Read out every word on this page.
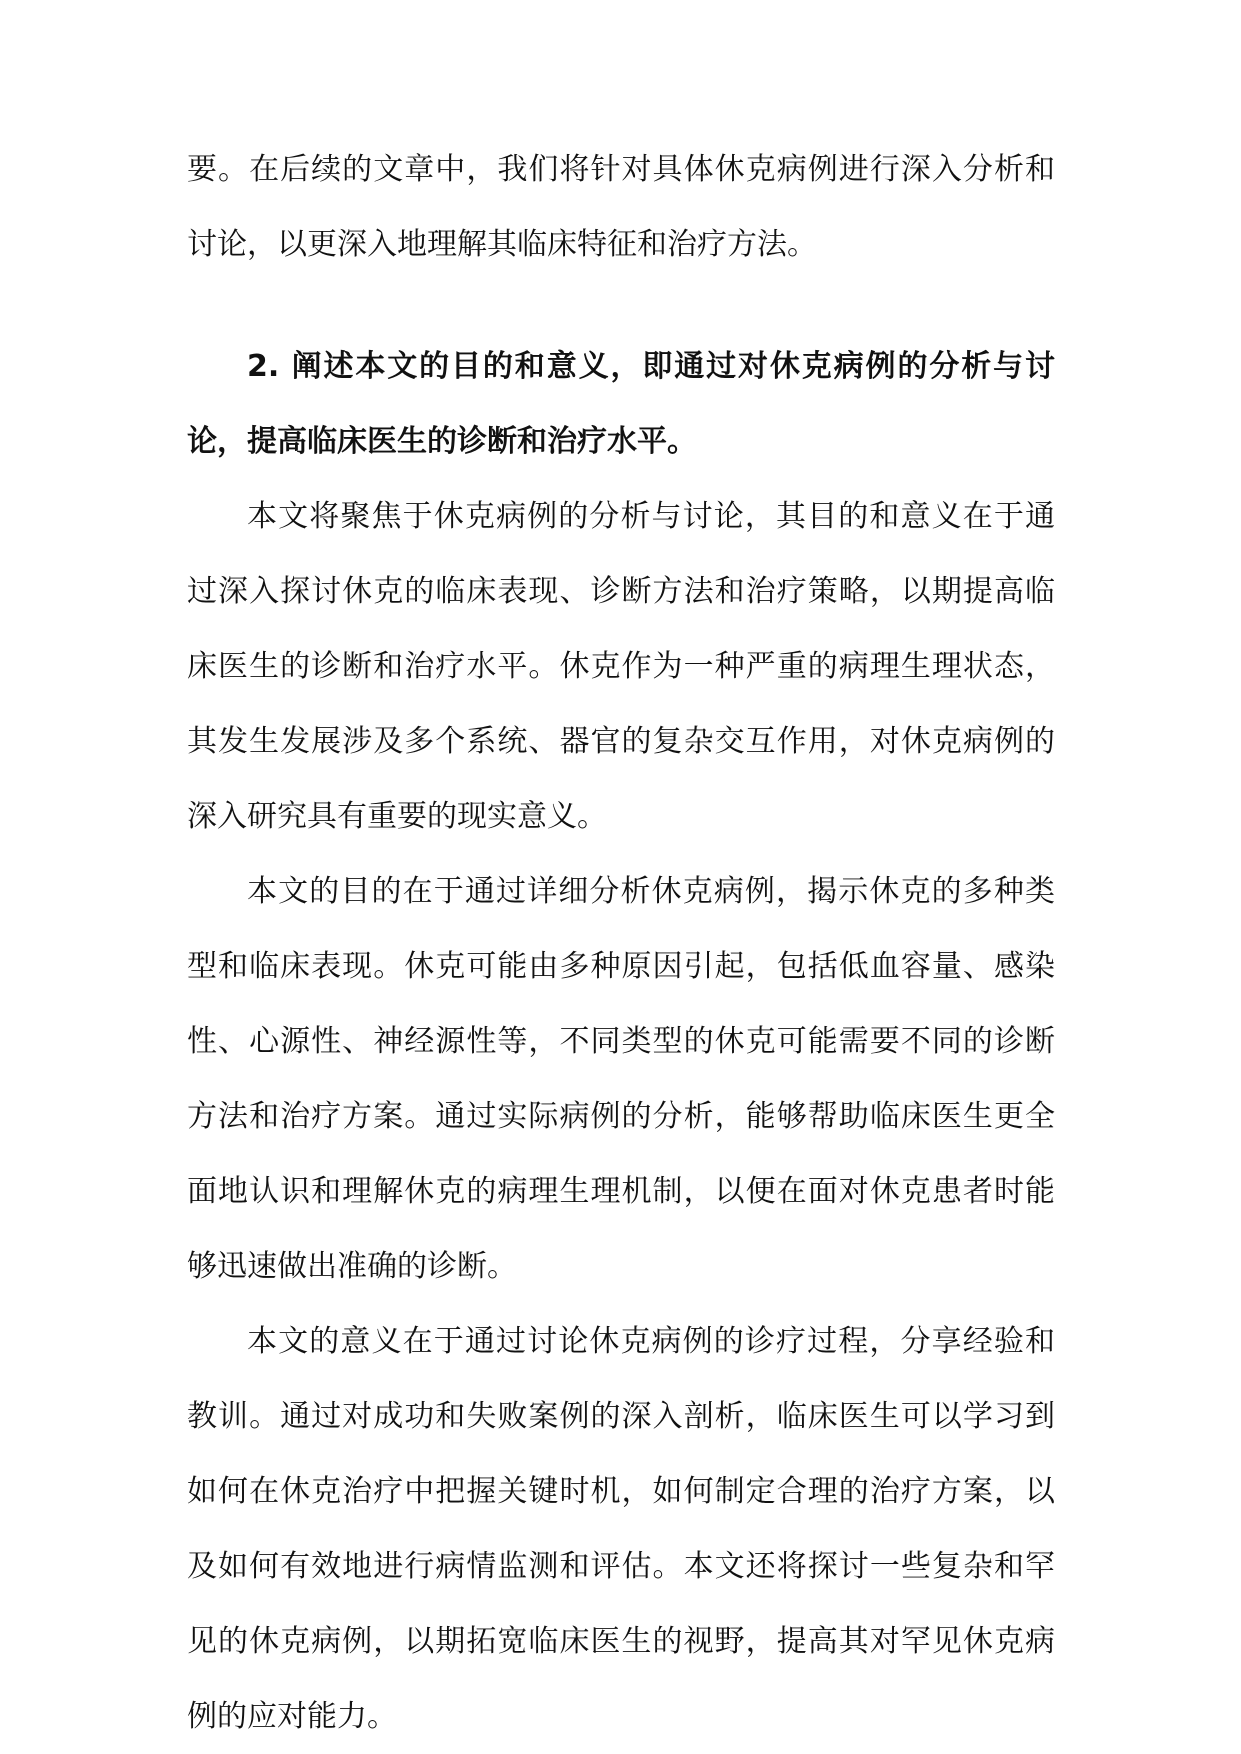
要。在后续的文章中，我们将针对具体休克病例进行深入分析和讨论，以更深入地理解其临床特征和治疗方法。

2. 阐述本文的目的和意义，即通过对休克病例的分析与讨论，提高临床医生的诊断和治疗水平。

本文将聚焦于休克病例的分析与讨论，其目的和意义在于通过深入探讨休克的临床表现、诊断方法和治疗策略，以期提高临床医生的诊断和治疗水平。休克作为一种严重的病理生理状态，其发生发展涉及多个系统、器官的复杂交互作用，对休克病例的深入研究具有重要的现实意义。

本文的目的在于通过详细分析休克病例，揭示休克的多种类型和临床表现。休克可能由多种原因引起，包括低血容量、感染性、心源性、神经源性等，不同类型的休克可能需要不同的诊断方法和治疗方案。通过实际病例的分析，能够帮助临床医生更全面地认识和理解休克的病理生理机制，以便在面对休克患者时能够迅速做出准确的诊断。

本文的意义在于通过讨论休克病例的诊疗过程，分享经验和教训。通过对成功和失败案例的深入剖析，临床医生可以学习到如何在休克治疗中把握关键时机，如何制定合理的治疗方案，以及如何有效地进行病情监测和评估。本文还将探讨一些复杂和罕见的休克病例，以期拓宽临床医生的视野，提高其对罕见休克病例的应对能力。
